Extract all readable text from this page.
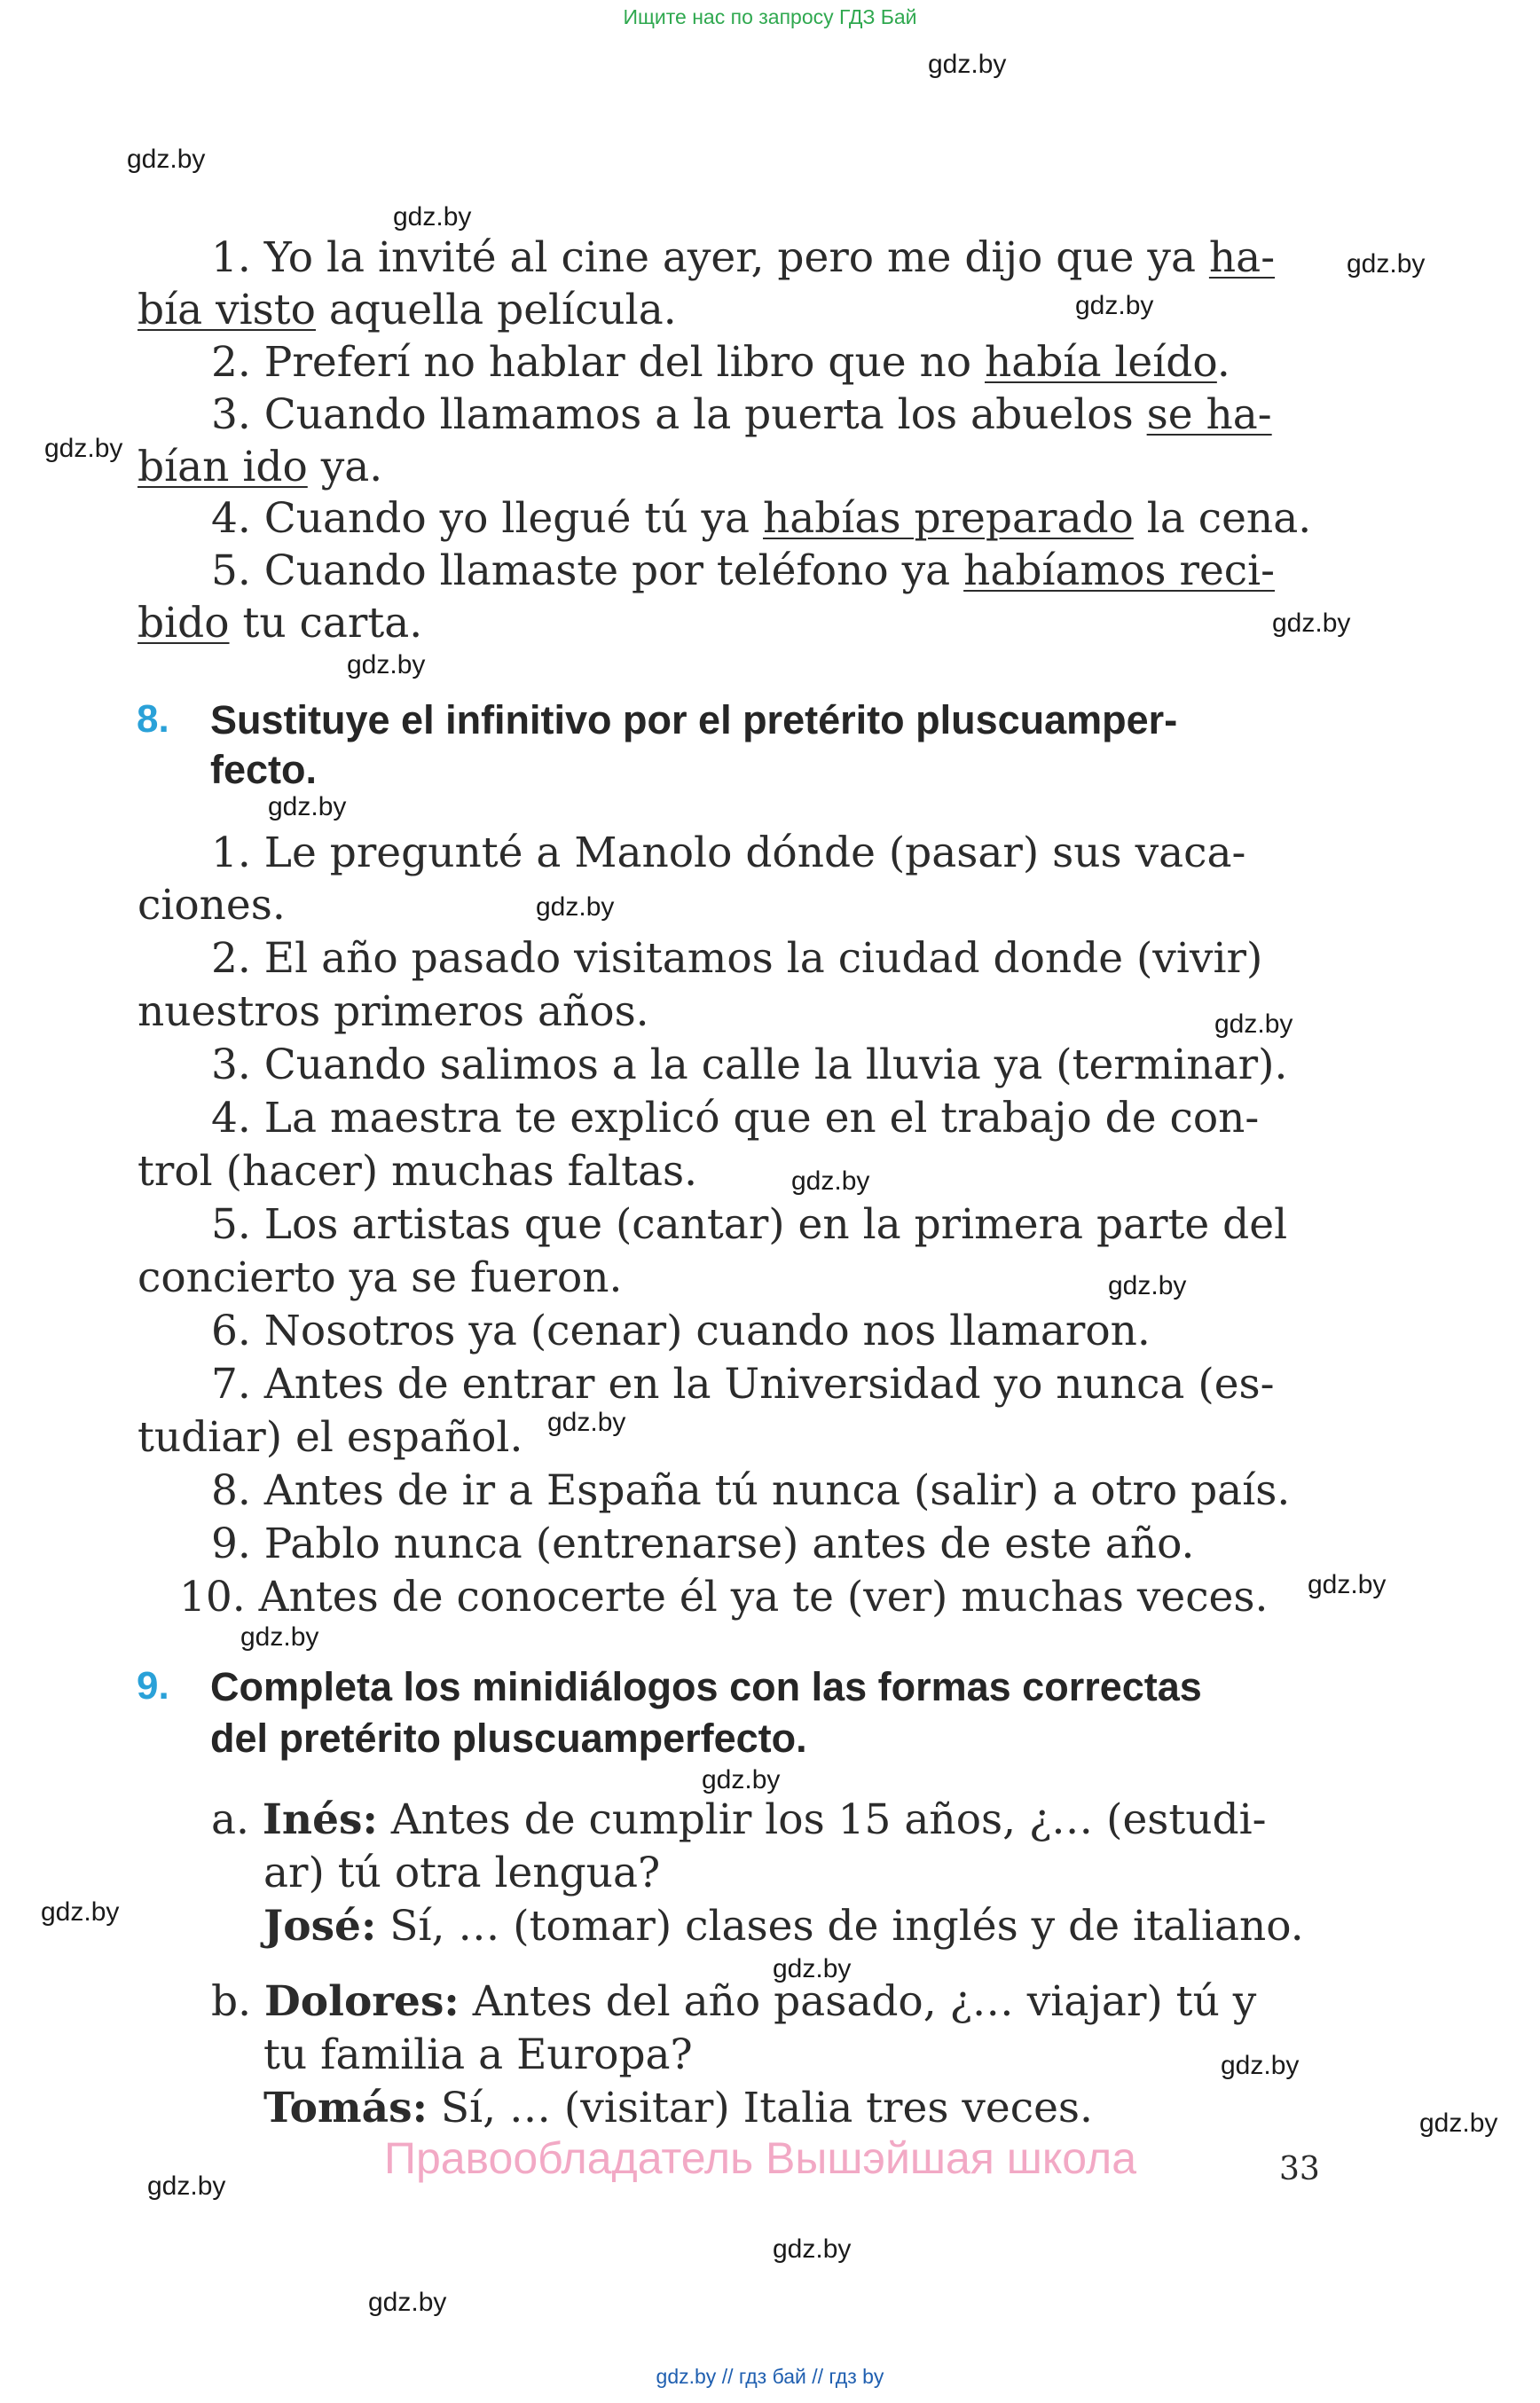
Ищите нас по запросу ГДЗ Бай
gdz.by
gdz.by
gdz.by
gdz.by
gdz.by
gdz.by
gdz.by
gdz.by
gdz.by
gdz.by
gdz.by
gdz.by
gdz.by
gdz.by
gdz.by
gdz.by
gdz.by
gdz.by
gdz.by
gdz.by
gdz.by
gdz.by
gdz.by
gdz.by
1. Yo la invité al cine ayer, pero me dijo que ya ha-
bía visto aquella película.
2. Preferí no hablar del libro que no había leído.
3. Cuando llamamos a la puerta los abuelos se ha-
bían ido ya.
4. Cuando yo llegué tú ya habías preparado la cena.
5. Cuando llamaste por teléfono ya habíamos reci-
bido tu carta.
8. Sustituye el infinitivo por el pretérito pluscuamper-
fecto.
1. Le pregunté a Manolo dónde (pasar) sus vaca-
ciones.
2. El año pasado visitamos la ciudad donde (vivir)
nuestros primeros años.
3. Cuando salimos a la calle la lluvia ya (terminar).
4. La maestra te explicó que en el trabajo de con-
trol (hacer) muchas faltas.
5. Los artistas que (cantar) en la primera parte del
concierto ya se fueron.
6. Nosotros ya (cenar) cuando nos llamaron.
7. Antes de entrar en la Universidad yo nunca (es-
tudiar) el español.
8. Antes de ir a España tú nunca (salir) a otro país.
9. Pablo nunca (entrenarse) antes de este año.
10. Antes de conocerte él ya te (ver) muchas veces.
9. Completa los minidiálogos con las formas correctas
del pretérito pluscuamperfecto.
a. Inés: Antes de cumplir los 15 años, ¿… (estudi-
ar) tú otra lengua?
José: Sí, … (tomar) clases de inglés y de italiano.
b. Dolores: Antes del año pasado, ¿… viajar) tú y
tu familia a Europa?
Tomás: Sí, … (visitar) Italia tres veces.
Правообладатель Вышэйшая школа	33
gdz.by // гдз бай // гдз by
